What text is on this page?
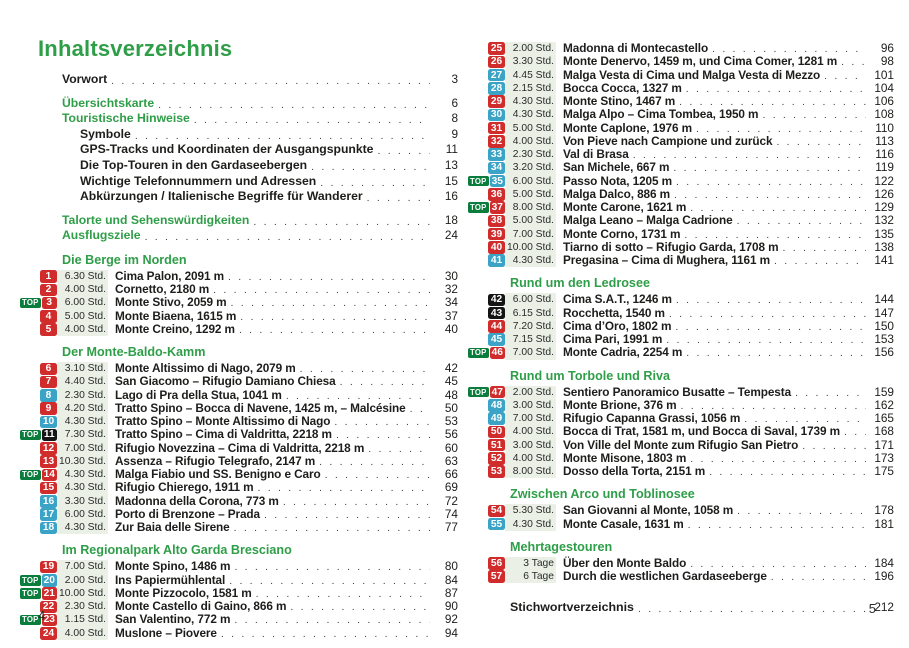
Inhaltsverzeichnis
Vorwort . . .	3
Übersichtskarte . . .	6
Touristische Hinweise . . .	8
Symbole . . .	9
GPS-Tracks und Koordinaten der Ausgangspunkte . . .	11
Die Top-Touren in den Gardaseebergen . . .	13
Wichtige Telefonnummern und Adressen . . .	15
Abkürzungen / Italienische Begriffe für Wanderer . . .	16
Talorte und Sehenswürdigkeiten . . .	18
Ausflugsziele . . .	24
Die Berge im Norden
1	6.30 Std. Cima Palon, 2091 m . . .	30
2	4.00 Std. Cornetto, 2180 m . . .	32
TOP 3	6.00 Std. Monte Stivo, 2059 m . . .	34
4	5.00 Std. Monte Biaena, 1615 m . . .	37
5	4.00 Std. Monte Creino, 1292 m . . .	40
Der Monte-Baldo-Kamm
6	3.10 Std. Monte Altissimo di Nago, 2079 m . . .	42
7	4.40 Std. San Giacomo – Rifugio Damiano Chiesa . . .	45
8	2.30 Std. Lago di Pra della Stua, 1041 m . . .	48
9	4.20 Std. Tratto Spino – Bocca di Navene, 1425 m, – Malcésine . . .	50
10	4.30 Std. Tratto Spino – Monte Altissimo di Nago . . .	53
TOP 11 7.30 Std. Tratto Spino – Cima di Valdritta, 2218 m . . .	56
12	7.00 Std. Rifugio Novezzina – Cima di Valdritta, 2218 m . . .	60
13 10.30 Std. Assenza – Rifugio Telegrafo, 2147 m . . .	63
TOP 14 4.30 Std. Malga Fiabio und SS. Benigno e Caro . . .	66
15	4.30 Std. Rifugio Chierego, 1911 m . . .	69
16	3.30 Std. Madonna della Corona, 773 m . . .	72
17	6.00 Std. Porto di Brenzone – Prada . . .	74
18	4.30 Std. Zur Baia delle Sirene . . .	77
Im Regionalpark Alto Garda Bresciano
19	7.00 Std. Monte Spino, 1486 m . . .	80
TOP 20 2.00 Std. Ins Papiermühlental . . .	84
TOP 21 10.00 Std. Monte Pizzocolo, 1581 m . . .	87
22	2.30 Std. Monte Castello di Gaino, 866 m . . .	90
TOP 23 1.15 Std. San Valentino, 772 m . . .	92
24	4.00 Std. Muslone – Piovere . . .	94
25	2.00 Std. Madonna di Montecastello . . .	96
26	3.30 Std. Monte Denervo, 1459 m, und Cima Comer, 1281 m . . .	98
27	4.45 Std. Malga Vesta di Cima und Malga Vesta di Mezzo . . .	101
28	2.15 Std. Bocca Cocca, 1327 m . . .	104
29	4.30 Std. Monte Stino, 1467 m . . .	106
30	4.30 Std. Malga Alpo – Cima Tombea, 1950 m . . .	108
31	5.00 Std. Monte Caplone, 1976 m . . .	110
32	4.00 Std. Von Pieve nach Campione und zurück . . .	113
33	2.30 Std. Val di Brasa . . .	116
34	3.20 Std. San Michele, 667 m . . .	119
TOP 35 6.00 Std. Passo Nota, 1205 m . . .	122
36	5.00 Std. Malga Dalco, 886 m . . .	126
TOP 37 8.00 Std. Monte Carone, 1621 m . . .	129
38	5.00 Std. Malga Leano – Malga Cadrione . . .	132
39	7.00 Std. Monte Corno, 1731 m . . .	135
40 10.00 Std. Tiarno di sotto – Rifugio Garda, 1708 m . . .	138
41	4.30 Std. Pregasina – Cima di Mughera, 1161 m . . .	141
Rund um den Ledrosee
42	6.00 Std. Cima S.A.T., 1246 m . . .	144
43	6.15 Std. Rocchetta, 1540 m . . .	147
44	7.20 Std. Cima d’Oro, 1802 m . . .	150
45	7.15 Std. Cima Pari, 1991 m . . .	153
TOP 46 7.00 Std. Monte Cadria, 2254 m . . .	156
Rund um Torbole und Riva
TOP 47 2.00 Std. Sentiero Panoramico Busatte – Tempesta . . .	159
48	3.00 Std. Monte Brione, 376 m . . .	162
49	7.00 Std. Rifugio Capanna Grassi, 1056 m . . .	165
50	4.00 Std. Bocca di Trat, 1581 m, und Bocca di Saval, 1739 m . . .	168
51	3.00 Std. Von Ville del Monte zum Rifugio San Pietro . . .	171
52	4.00 Std. Monte Misone, 1803 m . . .	173
53	8.00 Std. Dosso della Torta, 2151 m . . .	175
Zwischen Arco und Toblinosee
54	5.30 Std. San Giovanni al Monte, 1058 m . . .	178
55	4.30 Std. Monte Casale, 1631 m . . .	181
Mehrtagestouren
56	3 Tage Über den Monte Baldo . . .	184
57	6 Tage Durch die westlichen Gardaseeberge . . .	196
Stichwortverzeichnis . . .	212
4	5
